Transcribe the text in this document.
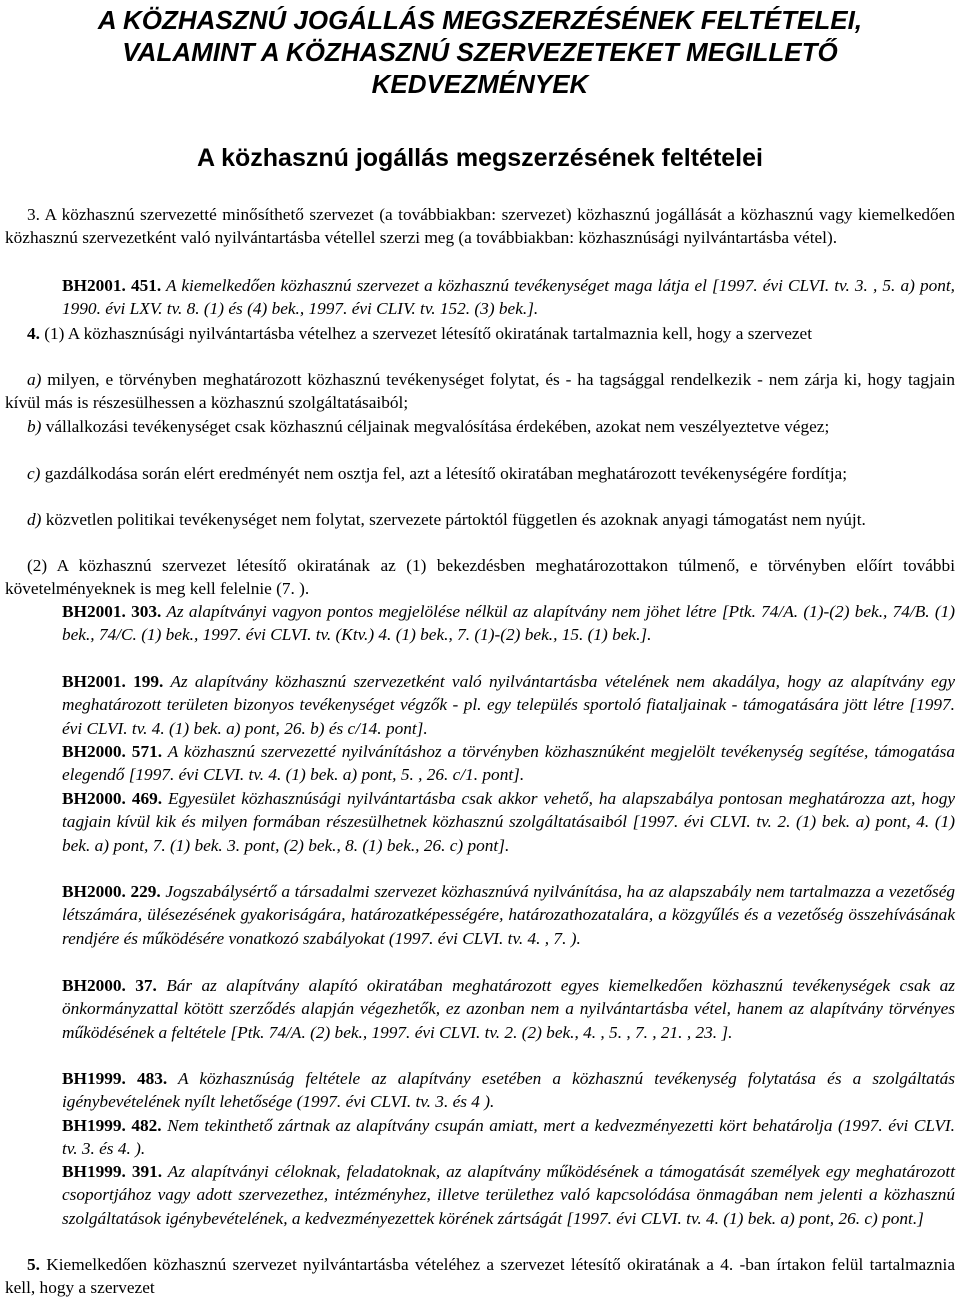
A KÖZHASZNÚ JOGÁLLÁS MEGSZERZÉSÉNEK FELTÉTELEI,
VALAMINT A KÖZHASZNÚ SZERVEZETEKET MEGILLETŐ
KEDVEZMÉNYEK
A közhasznú jogállás megszerzésének feltételei

3. A közhasznú szervezetté minősíthető szervezet (a továbbiakban: szervezet) közhasznú jogállását a közhasznú vagy kiemelkedően közhasznú szervezetként való nyilvántartásba vétellel szerzi meg (a továbbiakban: közhasznúsági nyilvántartásba vétel).

BH2001. 451. A kiemelkedően közhasznú szervezet a közhasznú tevékenységet maga látja el [1997. évi CLVI. tv. 3. , 5. a) pont, 1990. évi LXV. tv. 8. (1) és (4) bek., 1997. évi CLIV. tv. 152. (3) bek.].

4. (1) A közhasznúsági nyilvántartásba vételhez a szervezet létesítő okiratának tartalmaznia kell, hogy a szervezet

a) milyen, e törvényben meghatározott közhasznú tevékenységet folytat, és - ha tagsággal rendelkezik - nem zárja ki, hogy tagjain kívül más is részesülhessen a közhasznú szolgáltatásaiból;

b) vállalkozási tevékenységet csak közhasznú céljainak megvalósítása érdekében, azokat nem veszélyeztetve végez;

c) gazdálkodása során elért eredményét nem osztja fel, azt a létesítő okiratában meghatározott tevékenységére fordítja;

d) közvetlen politikai tevékenységet nem folytat, szervezete pártoktól független és azoknak anyagi támogatást nem nyújt.

(2) A közhasznú szervezet létesítő okiratának az (1) bekezdésben meghatározottakon túlmenő, e törvényben előírt további követelményeknek is meg kell felelnie (7. ).

BH2001. 303. Az alapítványi vagyon pontos megjelölése nélkül az alapítvány nem jöhet létre [Ptk. 74/A. (1)-(2) bek., 74/B. (1) bek., 74/C. (1) bek., 1997. évi CLVI. tv. (Ktv.) 4. (1) bek., 7. (1)-(2) bek., 15. (1) bek.].

BH2001. 199. Az alapítvány közhasznú szervezetként való nyilvántartásba vételének nem akadálya, hogy az alapítvány egy meghatározott területen bizonyos tevékenységet végzők - pl. egy település sportoló fiataljainak - támogatására jött létre [1997. évi CLVI. tv. 4. (1) bek. a) pont, 26. b) és c/14. pont].

BH2000. 571. A közhasznú szervezetté nyilvánításhoz a törvényben közhasznúként megjelölt tevékenység segítése, támogatása elegendő [1997. évi CLVI. tv. 4. (1) bek. a) pont, 5. , 26. c/1. pont].

BH2000. 469. Egyesület közhasznúsági nyilvántartásba csak akkor vehető, ha alapszabálya pontosan meghatározza azt, hogy tagjain kívül kik és milyen formában részesülhetnek közhasznú szolgáltatásaiból [1997. évi CLVI. tv. 2. (1) bek. a) pont, 4. (1) bek. a) pont, 7. (1) bek. 3. pont, (2) bek., 8. (1) bek., 26. c) pont].

BH2000. 229. Jogszabálysértő a társadalmi szervezet közhasznúvá nyilvánítása, ha az alapszabály nem tartalmazza a vezetőség létszámára, ülésezésének gyakoriságára, határozatképességére, határozathozatalára, a közgyűlés és a vezetőség összehívásának rendjére és működésére vonatkozó szabályokat (1997. évi CLVI. tv. 4. , 7. ).

BH2000. 37. Bár az alapítvány alapító okiratában meghatározott egyes kiemelkedően közhasznú tevékenységek csak az önkormányzattal kötött szerződés alapján végezhetők, ez azonban nem a nyilvántartásba vétel, hanem az alapítvány törvényes működésének a feltétele [Ptk. 74/A. (2) bek., 1997. évi CLVI. tv. 2. (2) bek., 4. , 5. , 7. , 21. , 23. ].

BH1999. 483. A közhasznúság feltétele az alapítvány esetében a közhasznú tevékenység folytatása és a szolgáltatás igénybevételének nyílt lehetősége (1997. évi CLVI. tv. 3. és 4 ).

BH1999. 482. Nem tekinthető zártnak az alapítvány csupán amiatt, mert a kedvezményezetti kört behatárolja (1997. évi CLVI. tv. 3. és 4. ).

BH1999. 391. Az alapítványi céloknak, feladatoknak, az alapítvány működésének a támogatását személyek egy meghatározott csoportjához vagy adott szervezethez, intézményhez, illetve területhez való kapcsolódása önmagában nem jelenti a közhasznú szolgáltatások igénybevételének, a kedvezményezettek körének zártságát [1997. évi CLVI. tv. 4. (1) bek. a) pont, 26. c) pont.]

5. Kiemelkedően közhasznú szervezet nyilvántartásba vételéhez a szervezet létesítő okiratának a 4. -ban írtakon felül tartalmaznia kell, hogy a szervezet
